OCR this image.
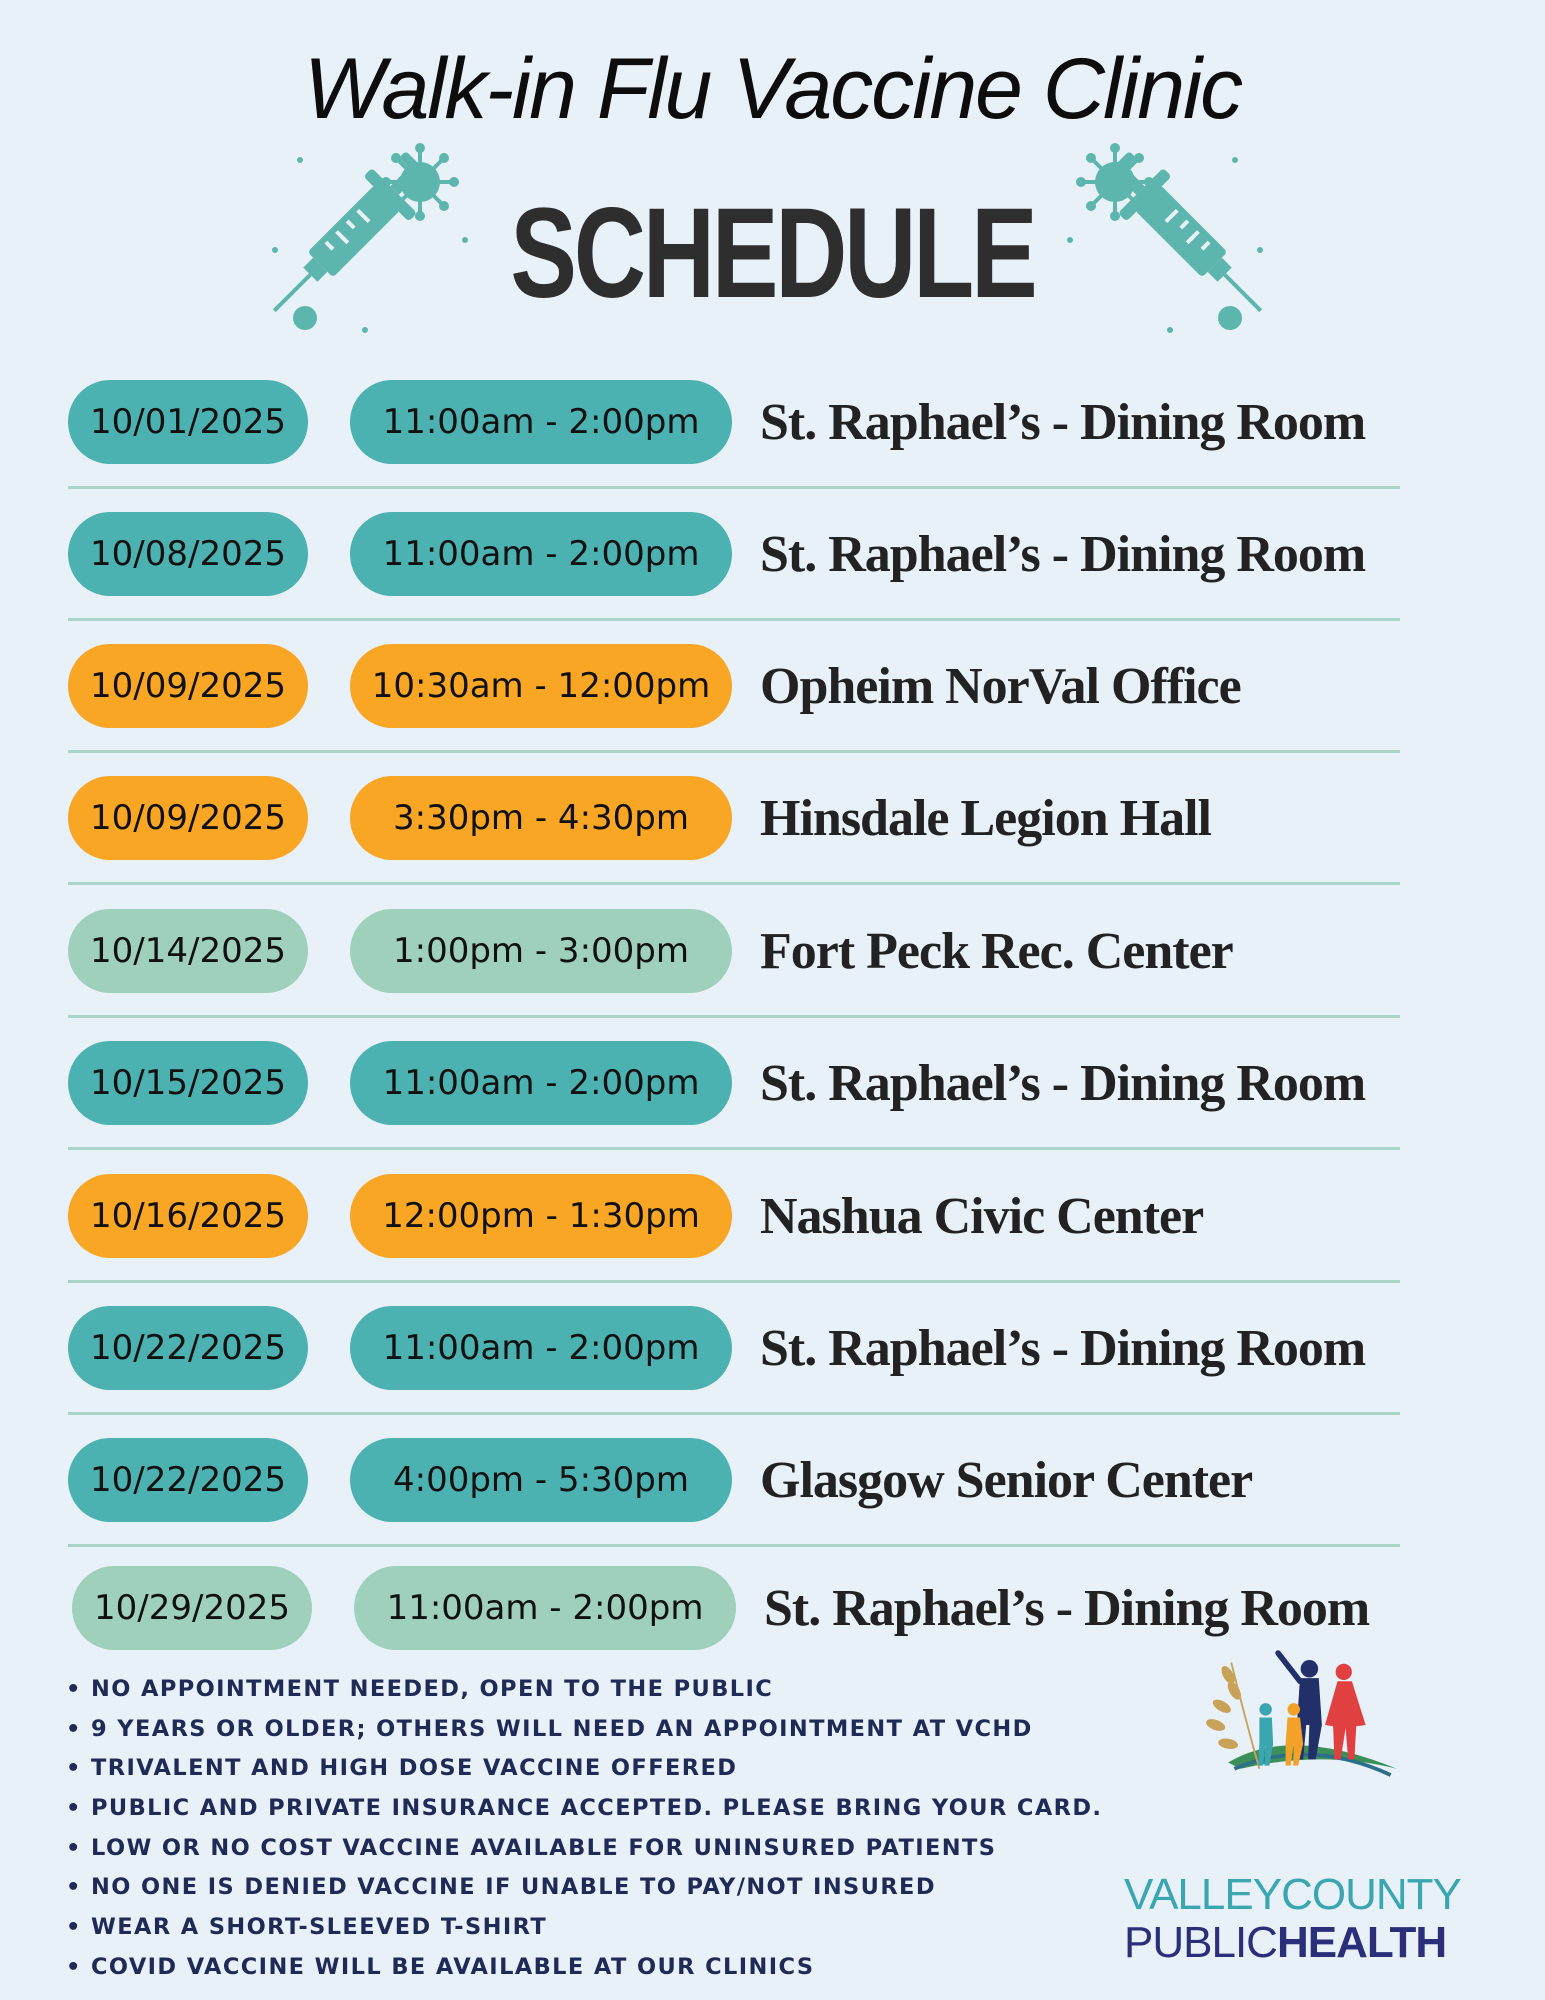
Walk-in Flu Vaccine Clinic
SCHEDULE
10/01/2025	11:00am - 2:00pm	St. Raphael’s - Dining Room
10/08/2025	11:00am - 2:00pm	St. Raphael’s - Dining Room
10/09/2025	10:30am - 12:00pm Opheim NorVal Office
10/09/2025	3:30pm - 4:30pm	Hinsdale Legion Hall
10/14/2025	1:00pm - 3:00pm	Fort Peck Rec. Center
10/15/2025	11:00am - 2:00pm	St. Raphael’s - Dining Room
10/16/2025	12:00pm - 1:30pm	Nashua Civic Center
10/22/2025	11:00am - 2:00pm	St. Raphael’s - Dining Room
10/22/2025	4:00pm - 5:30pm	Glasgow Senior Center
10/29/2025	11:00am - 2:00pm	St. Raphael’s - Dining Room
• NO APPOINTMENT NEEDED, OPEN TO THE PUBLIC
• 9 YEARS OR OLDER; OTHERS WILL NEED AN APPOINTMENT AT VCHD
• TRIVALENT AND HIGH DOSE VACCINE OFFERED
• PUBLIC AND PRIVATE INSURANCE ACCEPTED. PLEASE BRING YOUR CARD.
• LOW OR NO COST VACCINE AVAILABLE FOR UNINSURED PATIENTS
• NO ONE IS DENIED VACCINE IF UNABLE TO PAY/NOT INSURED
• WEAR A SHORT-SLEEVED T-SHIRT
• COVID VACCINE WILL BE AVAILABLE AT OUR CLINICS
VALLEYCOUNTY
PUBLICHEALTH
